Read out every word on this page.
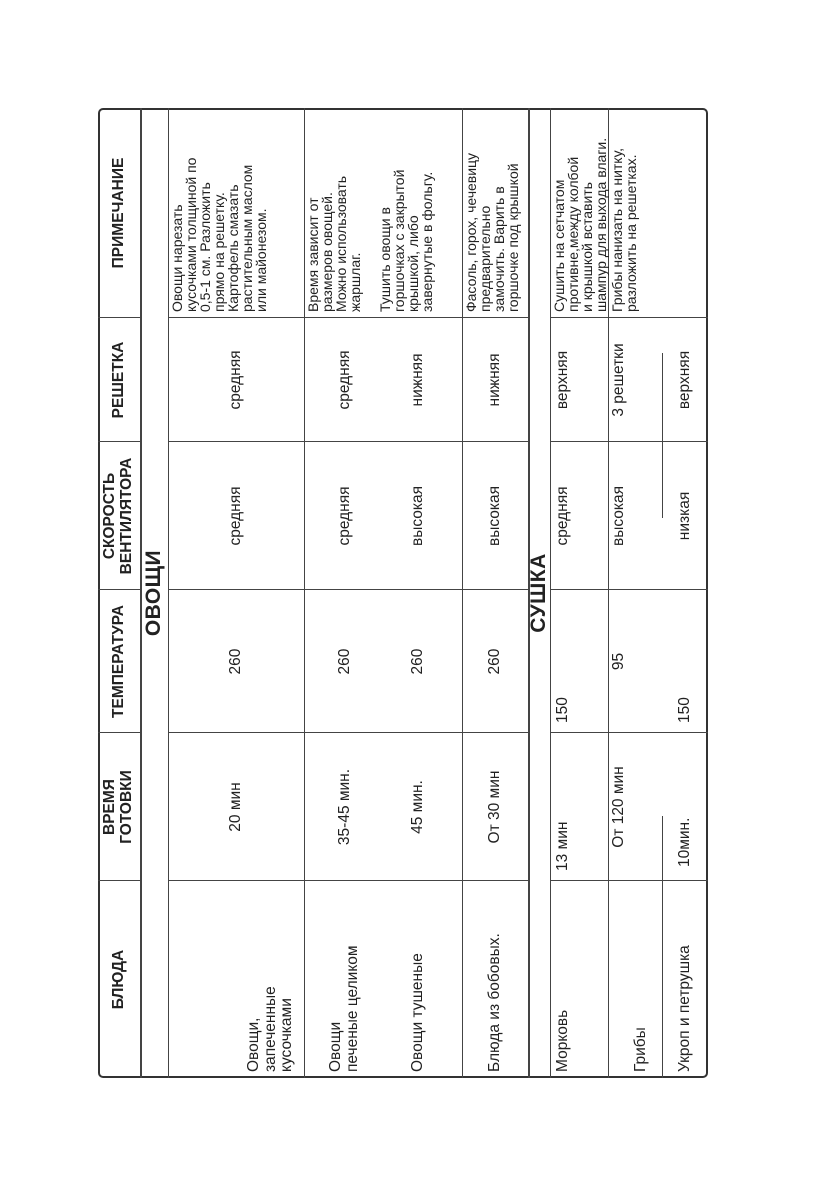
БЛЮДА
ВРЕМЯ
ГОТОВКИ
ТЕМПЕРАТУРА
СКОРОСТЬ
ВЕНТИЛЯТОРА
РЕШЕТКА
ПРИМЕЧАНИЕ
ОВОЩИ	СУШКА
Овощи,
запеченные
кусочками
20 мин
260
средняя
средняя
Овощи нарезать
кусочками толщиной по
0,5-1 см. Разложить
прямо на решетку.
Картофель смазать
растительным маслом
или майонезом.
Овощи
печеные целиком
35-45 мин.
260
средняя
средняя
Время зависит от
размеров овощей.
Можно использовать
жаршлаг.
Овощи тушеные
45 мин.
260
высокая
нижняя
Тушить овощи в
горшочках с закрытой
крышкой, либо
завернутые в фольгу.
Блюда из бобовых.
От 30 мин
260
высокая
нижняя
Фасоль, горох, чечевицу
предварительно
замочить. Варить в
горшочке под крышкой
Морковь
13 мин
150
средняя
верхняя
Сушить на сетчатом
противне,между колбой
и крышкой вставить
шампур для выхода влаги.
Грибы
От 120 мин
95
высокая
3 решетки
Грибы нанизать на нитку,
разложить на решетках.
Укроп и петрушка
10мин.
150
низкая
верхняя
